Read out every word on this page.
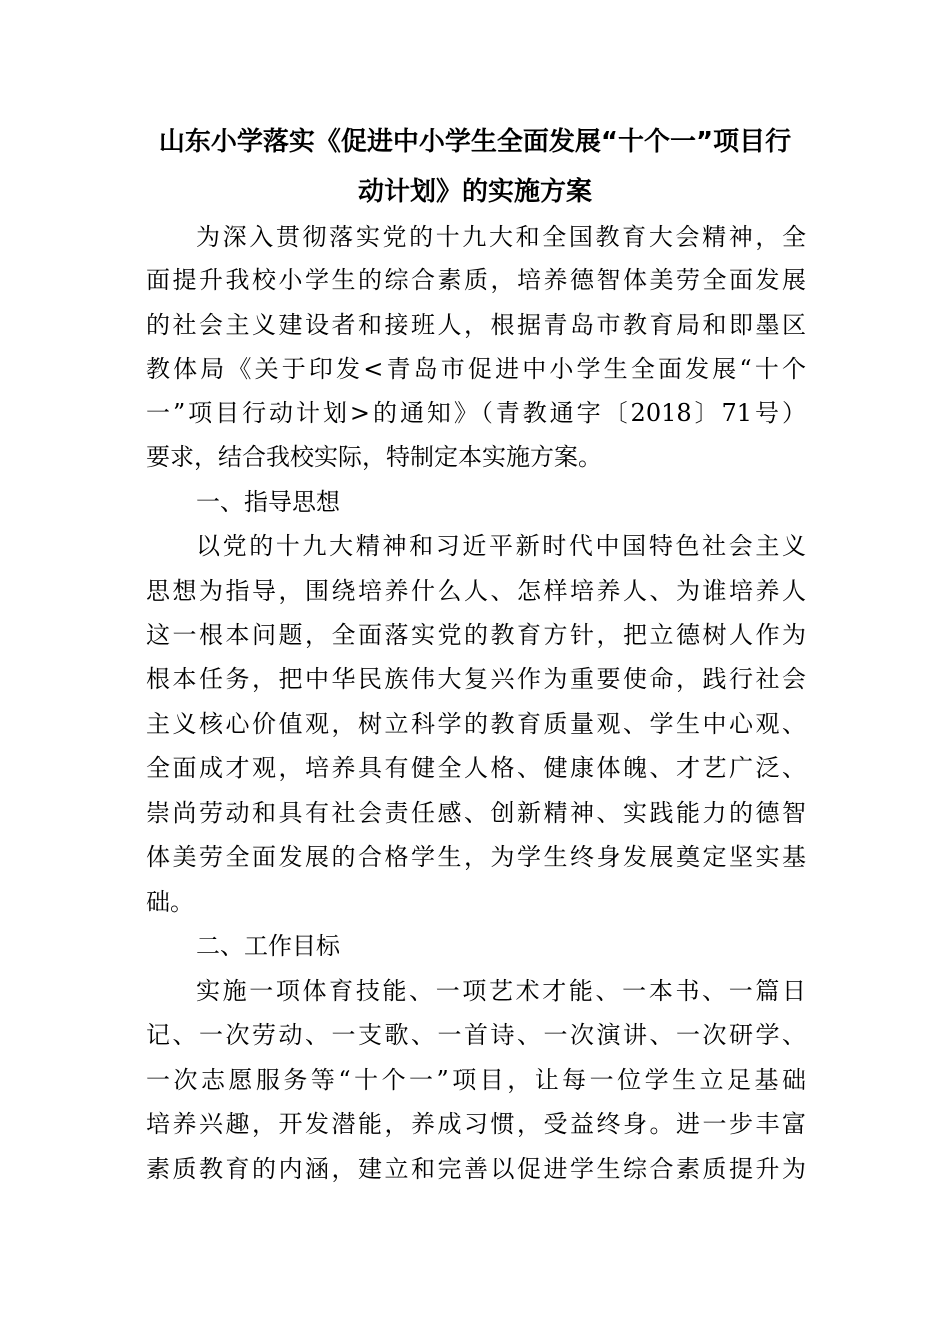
山东小学落实《促进中小学生全面发展“十个一”项目行
动计划》的实施方案
为深入贯彻落实党的十九大和全国教育大会精神，全
面提升我校小学生的综合素质，培养德智体美劳全面发展
的社会主义建设者和接班人，根据青岛市教育局和即墨区
教体局《关于印发<青岛市促进中小学生全面发展“十个
一”项目行动计划>的通知》（青教通字〔2018〕71号）
要求，结合我校实际，特制定本实施方案。
一、指导思想
以党的十九大精神和习近平新时代中国特色社会主义
思想为指导，围绕培养什么人、怎样培养人、为谁培养人
这一根本问题，全面落实党的教育方针，把立德树人作为
根本任务，把中华民族伟大复兴作为重要使命，践行社会
主义核心价值观，树立科学的教育质量观、学生中心观、
全面成才观，培养具有健全人格、健康体魄、才艺广泛、
崇尚劳动和具有社会责任感、创新精神、实践能力的德智
体美劳全面发展的合格学生，为学生终身发展奠定坚实基
础。
二、工作目标
实施一项体育技能、一项艺术才能、一本书、一篇日
记、一次劳动、一支歌、一首诗、一次演讲、一次研学、
一次志愿服务等“十个一”项目，让每一位学生立足基础
培养兴趣，开发潜能，养成习惯，受益终身。进一步丰富
素质教育的内涵，建立和完善以促进学生综合素质提升为
